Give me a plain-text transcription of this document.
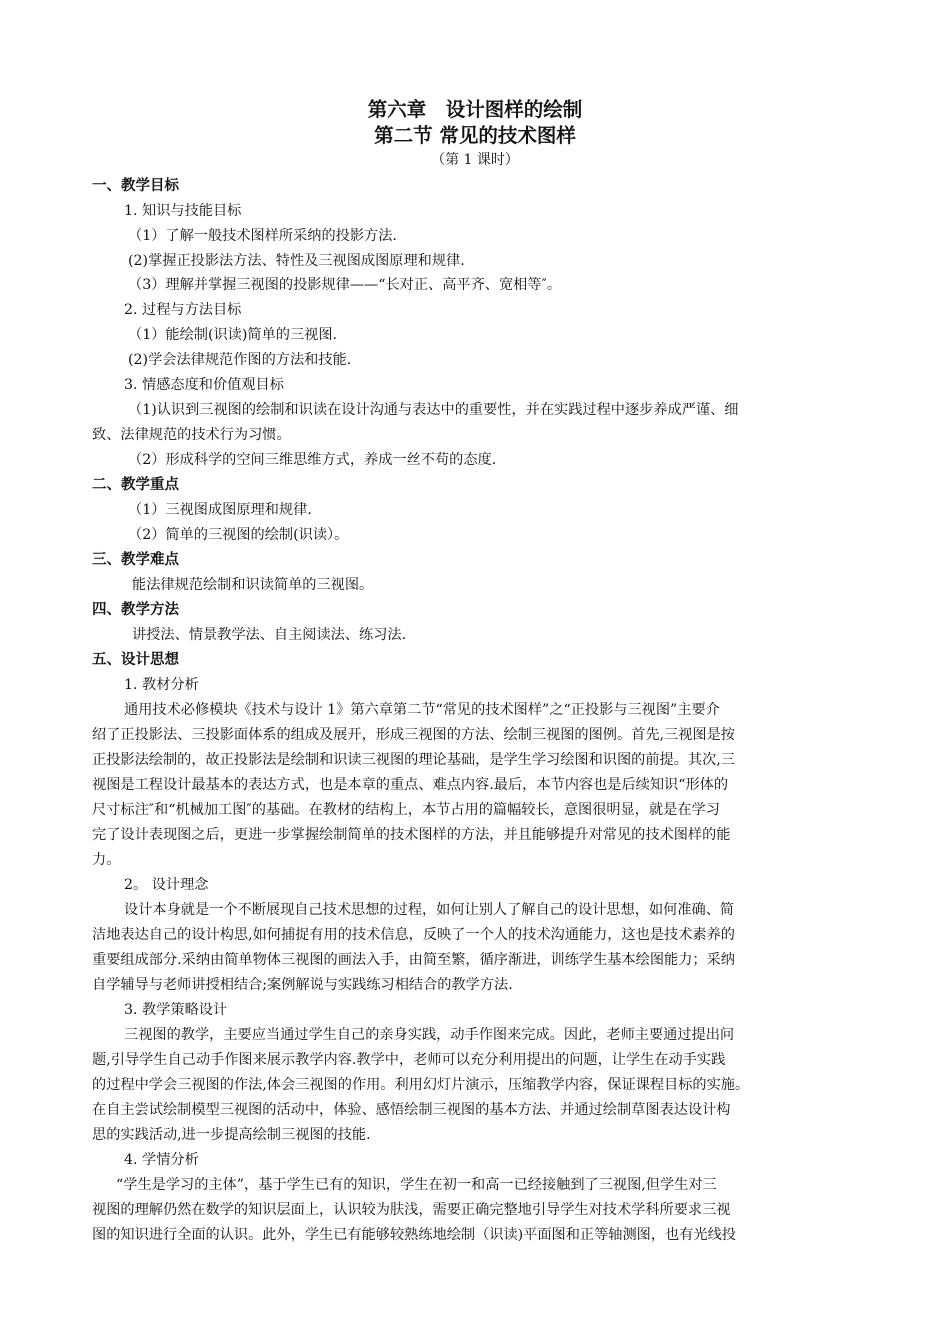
第六章　设计图样的绘制
第二节 常见的技术图样
（第 1 课时）
一、教学目标
1. 知识与技能目标
（1）了解一般技术图样所采纳的投影方法.
(2)掌握正投影法方法、特性及三视图成图原理和规律.
（3）理解并掌握三视图的投影规律——“长对正、高平齐、宽相等″。
2. 过程与方法目标
（1）能绘制(识读)简单的三视图.
(2)学会法律规范作图的方法和技能.
3. 情感态度和价值观目标
（1)认识到三视图的绘制和识读在设计沟通与表达中的重要性，并在实践过程中逐步养成严谨、细
致、法律规范的技术行为习惯。
（2）形成科学的空间三维思维方式，养成一丝不苟的态度.
二、教学重点
（1）三视图成图原理和规律.
（2）简单的三视图的绘制(识读）。
三、教学难点
能法律规范绘制和识读简单的三视图。
四、教学方法
讲授法、情景教学法、自主阅读法、练习法.
五、设计思想
1. 教材分析
通用技术必修模块《技术与设计 1》第六章第二节“常见的技术图样”之“正投影与三视图”主要介
绍了正投影法、三投影面体系的组成及展开，形成三视图的方法、绘制三视图的图例。首先,三视图是按
正投影法绘制的，故正投影法是绘制和识读三视图的理论基础，是学生学习绘图和识图的前提。其次,三
视图是工程设计最基本的表达方式，也是本章的重点、难点内容.最后，本节内容也是后续知识“形体的
尺寸标注″和“机械加工图″的基础。在教材的结构上，本节占用的篇幅较长，意图很明显，就是在学习
完了设计表现图之后，更进一步掌握绘制简单的技术图样的方法，并且能够提升对常见的技术图样的能
力。
2。 设计理念
设计本身就是一个不断展现自己技术思想的过程，如何让别人了解自己的设计思想，如何准确、简
洁地表达自己的设计构思,如何捕捉有用的技术信息，反映了一个人的技术沟通能力，这也是技术素养的
重要组成部分.采纳由简单物体三视图的画法入手，由简至繁，循序渐进，训练学生基本绘图能力；采纳
自学辅导与老师讲授相结合;案例解说与实践练习相结合的教学方法.
3. 教学策略设计
三视图的教学，主要应当通过学生自己的亲身实践，动手作图来完成。因此，老师主要通过提出问
题,引导学生自己动手作图来展示教学内容.教学中，老师可以充分利用提出的问题，让学生在动手实践
的过程中学会三视图的作法,体会三视图的作用。利用幻灯片演示，压缩教学内容，保证课程目标的实施。
在自主尝试绘制模型三视图的活动中，体验、感悟绘制三视图的基本方法、并通过绘制草图表达设计构
思的实践活动,进一步提高绘制三视图的技能.
4. 学情分析
“学生是学习的主体”，基于学生已有的知识，学生在初一和高一已经接触到了三视图,但学生对三
视图的理解仍然在数学的知识层面上，认识较为肤浅，需要正确完整地引导学生对技术学科所要求三视
图的知识进行全面的认识。此外，学生已有能够较熟练地绘制（识读)平面图和正等轴测图，也有光线投
